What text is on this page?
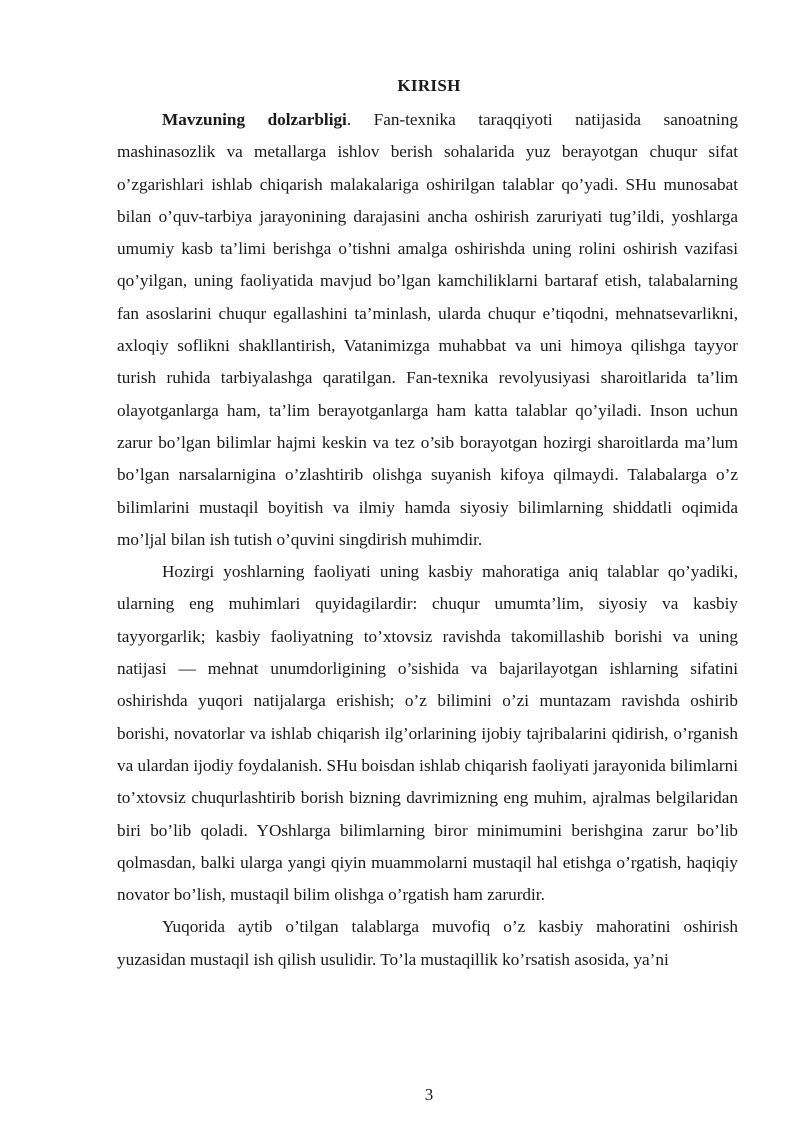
KIRISH

Mavzuning dolzarbligi. Fan-texnika taraqqiyoti natijasida sanoatning mashinasozlik va metallarga ishlov berish sohalarida yuz berayotgan chuqur sifat o’zgarishlari ishlab chiqarish malakalariga oshirilgan talablar qo’yadi. SHu munosabat bilan o’quv-tarbiya jarayonining darajasini ancha oshirish zaruriyati tug’ildi, yoshlarga umumiy kasb ta’limi berishga o’tishni amalga oshirishda uning rolini oshirish vazifasi qo’yilgan, uning faoliyatida mavjud bo’lgan kamchiliklarni bartaraf etish, talabalarning fan asoslarini chuqur egallashini ta’minlash, ularda chuqur e’tiqodni, mehnatsevarlikni, axloqiy soflikni shakllantirish, Vatanimizga muhabbat va uni himoya qilishga tayyor turish ruhida tarbiyalashga qaratilgan. Fan-texnika revolyusiyasi sharoitlarida ta’lim olayotganlarga ham, ta’lim berayotganlarga ham katta talablar qo’yiladi. Inson uchun zarur bo’lgan bilimlar hajmi keskin va tez o’sib borayotgan hozirgi sharoitlarda ma’lum bo’lgan narsalarnigina o’zlashtirib olishga suyanish kifoya qilmaydi. Talabalarga o’z bilimlarini mustaqil boyitish va ilmiy hamda siyosiy bilimlarning shiddatli oqimida mo’ljal bilan ish tutish o’quvini singdirish muhimdir.

Hozirgi yoshlarning faoliyati uning kasbiy mahoratiga aniq talablar qo’yadiki, ularning eng muhimlari quyidagilardir: chuqur umumta’lim, siyosiy va kasbiy tayyorgarlik; kasbiy faoliyatning to’xtovsiz ravishda takomillashib borishi va uning natijasi — mehnat unumdorligining o’sishida va bajarilayotgan ishlarning sifatini oshirishda yuqori natijalarga erishish; o’z bilimini o’zi muntazam ravishda oshirib borishi, novatorlar va ishlab chiqarish ilg’orlarining ijobiy tajribalarini qidirish, o’rganish va ulardan ijodiy foydalanish. SHu boisdan ishlab chiqarish faoliyati jarayonida bilimlarni to’xtovsiz chuqurlashtirib borish bizning davrimizning eng muhim, ajralmas belgilaridan biri bo’lib qoladi. YOshlarga bilimlarning biror minimumini berishgina zarur bo’lib qolmasdan, balki ularga yangi qiyin muammolarni mustaqil hal etishga o’rgatish, haqiqiy novator bo’lish, mustaqil bilim olishga o’rgatish ham zarurdir.

Yuqorida aytib o’tilgan talablarga muvofiq o’z kasbiy mahoratini oshirish yuzasidan mustaqil ish qilish usulidir. To’la mustaqillik ko’rsatish asosida, ya’ni

3
